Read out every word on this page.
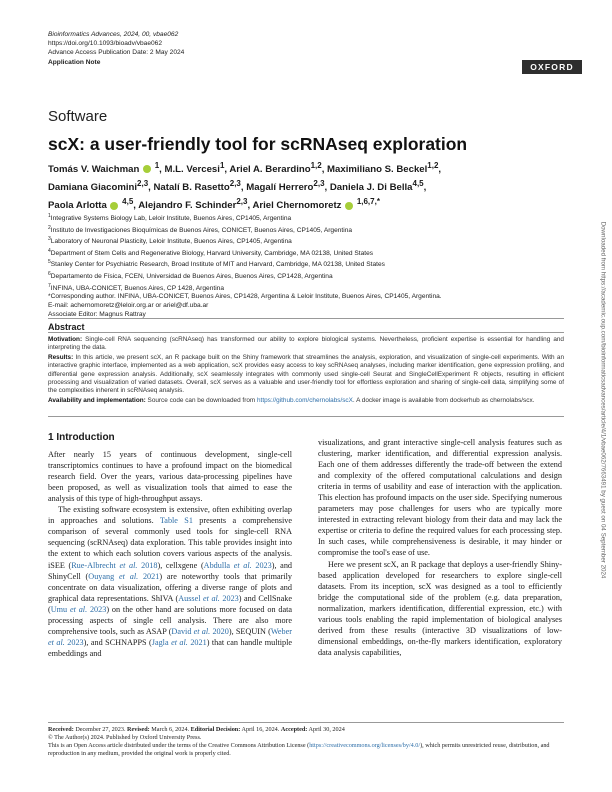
Bioinformatics Advances, 2024, 00, vbae062
https://doi.org/10.1093/bioadv/vbae062
Advance Access Publication Date: 2 May 2024
Application Note	OXFORD
Software
scX: a user-friendly tool for scRNAseq exploration
Tomás V. Waichman  $^1$, M.L. Vercesi$^1$, Ariel A. Berardino$^{1,2}$, Maximiliano S. Beckel$^{1,2}$,
Damiana Giacomini$^{2,3}$, Natalí B. Rasetto$^{2,3}$, Magalí Herrero$^{2,3}$, Daniela J. Di Bella$^{4,5}$,
Paola Arlotta  $^{4,5}$, Alejandro F. Schinder$^{2,3}$, Ariel Chernomoretz  $^{1,6,7,*}$
$^1$Integrative Systems Biology Lab, Leloir Institute, Buenos Aires, CP1405, Argentina
$^2$Instituto de Investigaciones Bioquímicas de Buenos Aires, CONICET, Buenos Aires, CP1405, Argentina
$^3$Laboratory of Neuronal Plasticity, Leloir Institute, Buenos Aires, CP1405, Argentina
$^4$Department of Stem Cells and Regenerative Biology, Harvard University, Cambridge, MA 02138, United States
$^5$Stanley Center for Psychiatric Research, Broad Institute of MIT and Harvard, Cambridge, MA 02138, United States
$^6$Departamento de Física, FCEN, Universidad de Buenos Aires, Buenos Aires, CP1428, Argentina
$^7$INFINA, UBA-CONICET, Buenos Aires, CP 1428, Argentina
*Corresponding author. INFINA, UBA-CONICET, Buenos Aires, CP1428, Argentina & Leloir Institute, Buenos Aires, CP1405, Argentina.
E-mail: achernomoretz@leloir.org.ar or ariel@df.uba.ar
Associate Editor: Magnus Rattray
Abstract

Motivation: Single-cell RNA sequencing (scRNAseq) has transformed our ability to explore biological systems. Nevertheless, proficient expertise is essential for handling and interpreting the data.

Results: In this article, we present scX, an R package built on the Shiny framework that streamlines the analysis, exploration, and visualization of single-cell experiments. With an interactive graphic interface, implemented as a web application, scX provides easy access to key scRNAseq analyses, including marker identification, gene expression profiling, and differential gene expression analysis. Additionally, scX seamlessly integrates with commonly used single-cell Seurat and SingleCellExperiment R objects, resulting in efficient processing and visualization of varied datasets. Overall, scX serves as a valuable and user-friendly tool for effortless exploration and sharing of single-cell data, simplifying some of the complexities inherent in scRNAseq analysis.

Availability and implementation: Source code can be downloaded from https://github.com/chernolabs/scX. A docker image is available from dockerhub as chernolabs/scx.

1 Introduction

After nearly 15 years of continuous development, single-cell transcriptomics continues to have a profound impact on the biomedical research field. Over the years, various data-processing pipelines have been proposed, as well as visualization tools that aimed to ease the analysis of this type of high-throughput assays.

The existing software ecosystem is extensive, often exhibiting overlap in approaches and solutions. Table S1 presents a comprehensive comparison of several commonly used tools for single-cell RNA sequencing (scRNAseq) data exploration. This table provides insight into the extent to which each solution covers various aspects of the analysis. iSEE (Rue-Albrecht et al. 2018), cellxgene (Abdulla et al. 2023), and ShinyCell (Ouyang et al. 2021) are noteworthy tools that primarily concentrate on data visualization, offering a diverse range of plots and graphical data representations. ShIVA (Aussel et al. 2023) and CellSnake (Umu et al. 2023) on the other hand are solutions more focused on data processing aspects of single cell analysis. There are also more comprehensive tools, such as ASAP (David et al. 2020), SEQUIN (Weber et al. 2023), and SCHNAPPS (Jagla et al. 2021) that can handle multiple embeddings and

visualizations, and grant interactive single-cell analysis features such as clustering, marker identification, and differential expression analysis. Each one of them addresses differently the trade-off between the extend and complexity of the offered computational calculations and design criteria in terms of usability and ease of interaction with the application. This election has profound impacts on the user side. Specifying numerous parameters may pose challenges for users who are typically more interested in extracting relevant biology from their data and may lack the expertise or criteria to define the required values for each processing step. In such cases, while comprehensiveness is desirable, it may hinder or compromise the tool's ease of use.

Here we present scX, an R package that deploys a user-friendly Shiny-based application developed for researchers to explore single-cell datasets. From its inception, scX was designed as a tool to efficiently bridge the computational side of the problem (e.g. data preparation, normalization, markers identification, differential expression, etc.) with various tools enabling the rapid implementation of biological analyses derived from these results (interactive 3D visualizations of low-dimensional embeddings, on-the-fly markers identification, exploratory data analysis capabilities,

Downloaded from https://academic.oup.com/bioinformaticsadvances/article/4/1/vbae062/7663491 by guest on 04 September 2024

Received: December 27, 2023. Revised: March 6, 2024. Editorial Decision: April 16, 2024. Accepted: April 30, 2024

© The Author(s) 2024. Published by Oxford University Press.

This is an Open Access article distributed under the terms of the Creative Commons Attribution License (https://creativecommons.org/licenses/by/4.0/), which permits unrestricted reuse, distribution, and reproduction in any medium, provided the original work is properly cited.
